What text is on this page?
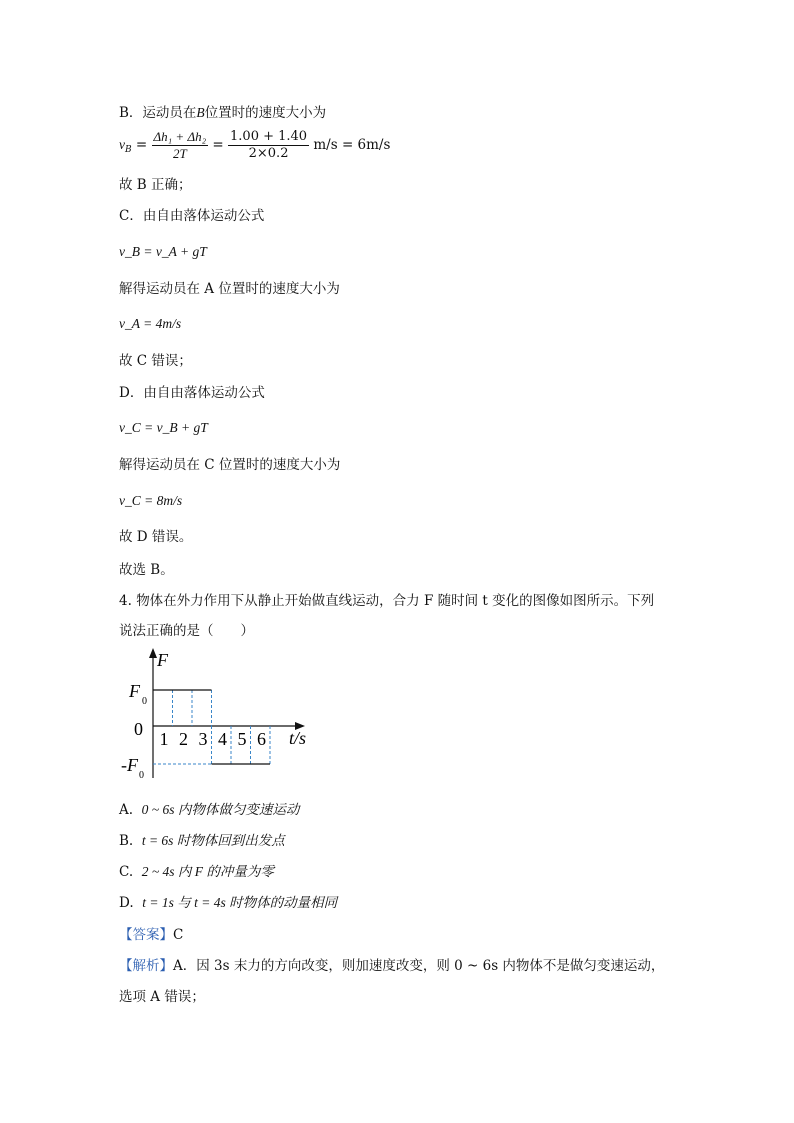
B．运动员在B位置时的速度大小为
$v_B = \frac{\text{Δh₁ + Δh₂}}{2T} = \frac{1.00 + 1.40}{2\times 0.2} m/s = 6m/s$
故 B 正确；
C．由自由落体运动公式
v_B = v_A + gT
解得运动员在 A 位置时的速度大小为
v_A = 4m/s
故 C 错误；
D．由自由落体运动公式
v_C = v_B + gT
解得运动员在 C 位置时的速度大小为
v_C = 8m/s
故 D 错误。
故选 B。
4. 物体在外力作用下从静止开始做直线运动，合力 F 随时间 t 变化的图像如图所示。下列
说法正确的是（　　）
F
t/s
F
0
0
-F
0
1 2 3 4 5 6
A. 0 ~ 6s 内物体做匀变速运动
B. t = 6s 时物体回到出发点
C. 2 ~ 4s 内 F 的冲量为零
D. t = 1s 与 t = 4s 时物体的动量相同
【答案】C
【解析】A．因 3s 末力的方向改变，则加速度改变，则 0 ~ 6s 内物体不是做匀变速运动，
选项 A 错误；
